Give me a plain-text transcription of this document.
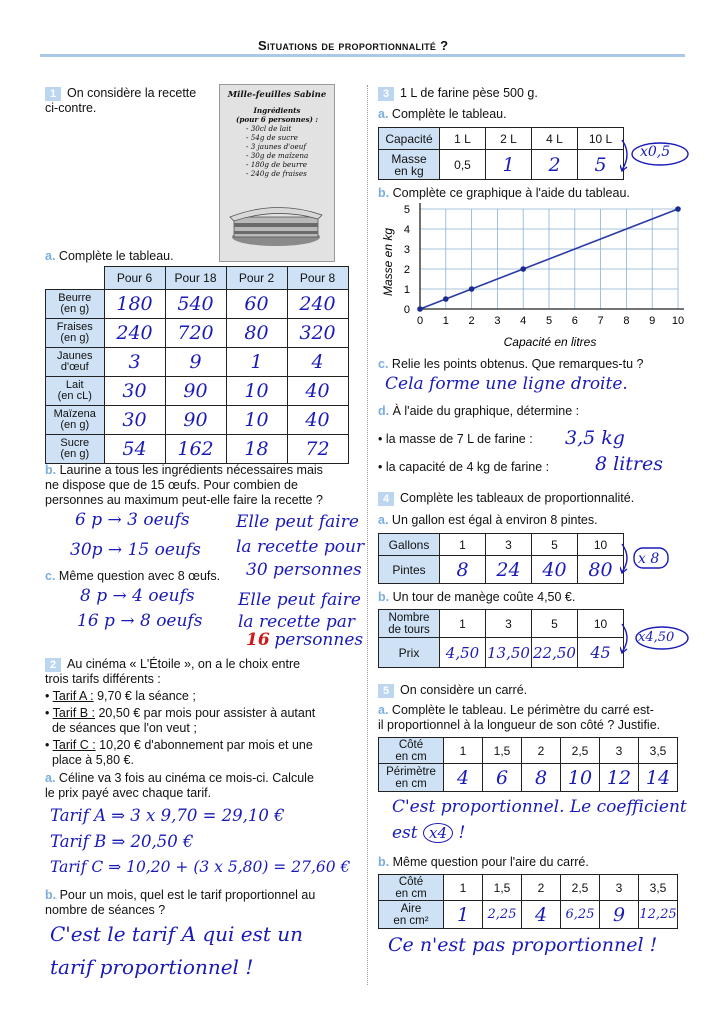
Situations de proportionnalité ?
1 On considère la recette
ci-contre.
Mille-feuilles Sabine
Ingrédients
(pour 6 personnes) :
- 30cl de lait
- 54g de sucre
- 3 jaunes d'oeuf
- 30g de maïzena
- 180g de beurre
- 240g de fraises
a. Complète le tableau.
	Pour 6	Pour 18	Pour 2	Pour 8
Beurre
(en g)	180	540	60	240
Fraises
(en g)	240	720	80	320
Jaunes
d'œuf	3	9	1	4
Lait
(en cL)	30	90	10	40
Maïzena
(en g)	30	90	10	40
Sucre
(en g)	54	162	18	72
b. Laurine a tous les ingrédients nécessaires mais
ne dispose que de 15 œufs. Pour combien de
personnes au maximum peut-elle faire la recette ?
6 p → 3 oeufs
30p → 15 oeufs
Elle peut faire
la recette pour
30 personnes
c. Même question avec 8 œufs.
8 p → 4 oeufs
16 p → 8 oeufs
Elle peut faire
la recette par
16 personnes
2 Au cinéma « L'Étoile », on a le choix entre
trois tarifs différents :
• Tarif A : 9,70 € la séance ;
• Tarif B : 20,50 € par mois pour assister à autant
de séances que l'on veut ;
• Tarif C : 10,20 € d'abonnement par mois et une
place à 5,80 €.
a. Céline va 3 fois au cinéma ce mois-ci. Calcule
le prix payé avec chaque tarif.
Tarif A ⇒ 3 x 9,70 = 29,10 €
Tarif B ⇒ 20,50 €
Tarif C ⇒ 10,20 + (3 x 5,80) = 27,60 €
b. Pour un mois, quel est le tarif proportionnel au
nombre de séances ?
C'est le tarif A qui est un
tarif proportionnel !
3 1 L de farine pèse 500 g.
a. Complète le tableau.
Capacité	1 L	2 L	4 L	10 L
Masse
en kg	0,5	1	2	5
x0,5
b. Complète ce graphique à l'aide du tableau.
0 1 2 3 4 5 6 7 8 9 10
0
1
2
3
4
5
Masse en kg
Capacité en litres
c. Relie les points obtenus. Que remarques-tu ?
Cela forme une ligne droite.
d. À l'aide du graphique, détermine :
• la masse de 7 L de farine : 3,5 kg
• la capacité de 4 kg de farine : 8 litres
4 Complète les tableaux de proportionnalité.
a. Un gallon est égal à environ 8 pintes.
Gallons	1	3	5	10
Pintes	8	24	40	80 x 8
b. Un tour de manège coûte 4,50 €.
Nombre
de tours	1	3	5	10
Prix	4,50	13,50	22,50	45
x4,50
5 On considère un carré.
a. Complète le tableau. Le périmètre du carré est-
il proportionnel à la longueur de son côté ? Justifie.
Côté
en cm	1	1,5	2	2,5	3	3,5
Périmètre
en cm	4	6	8	10	12	14
C'est proportionnel. Le coefficient
est x4 !
b. Même question pour l'aire du carré.
Côté
en cm	1	1,5	2	2,5	3	3,5
Aire
en cm²	1	2,25	4	6,25	9	12,25
Ce n'est pas proportionnel !
